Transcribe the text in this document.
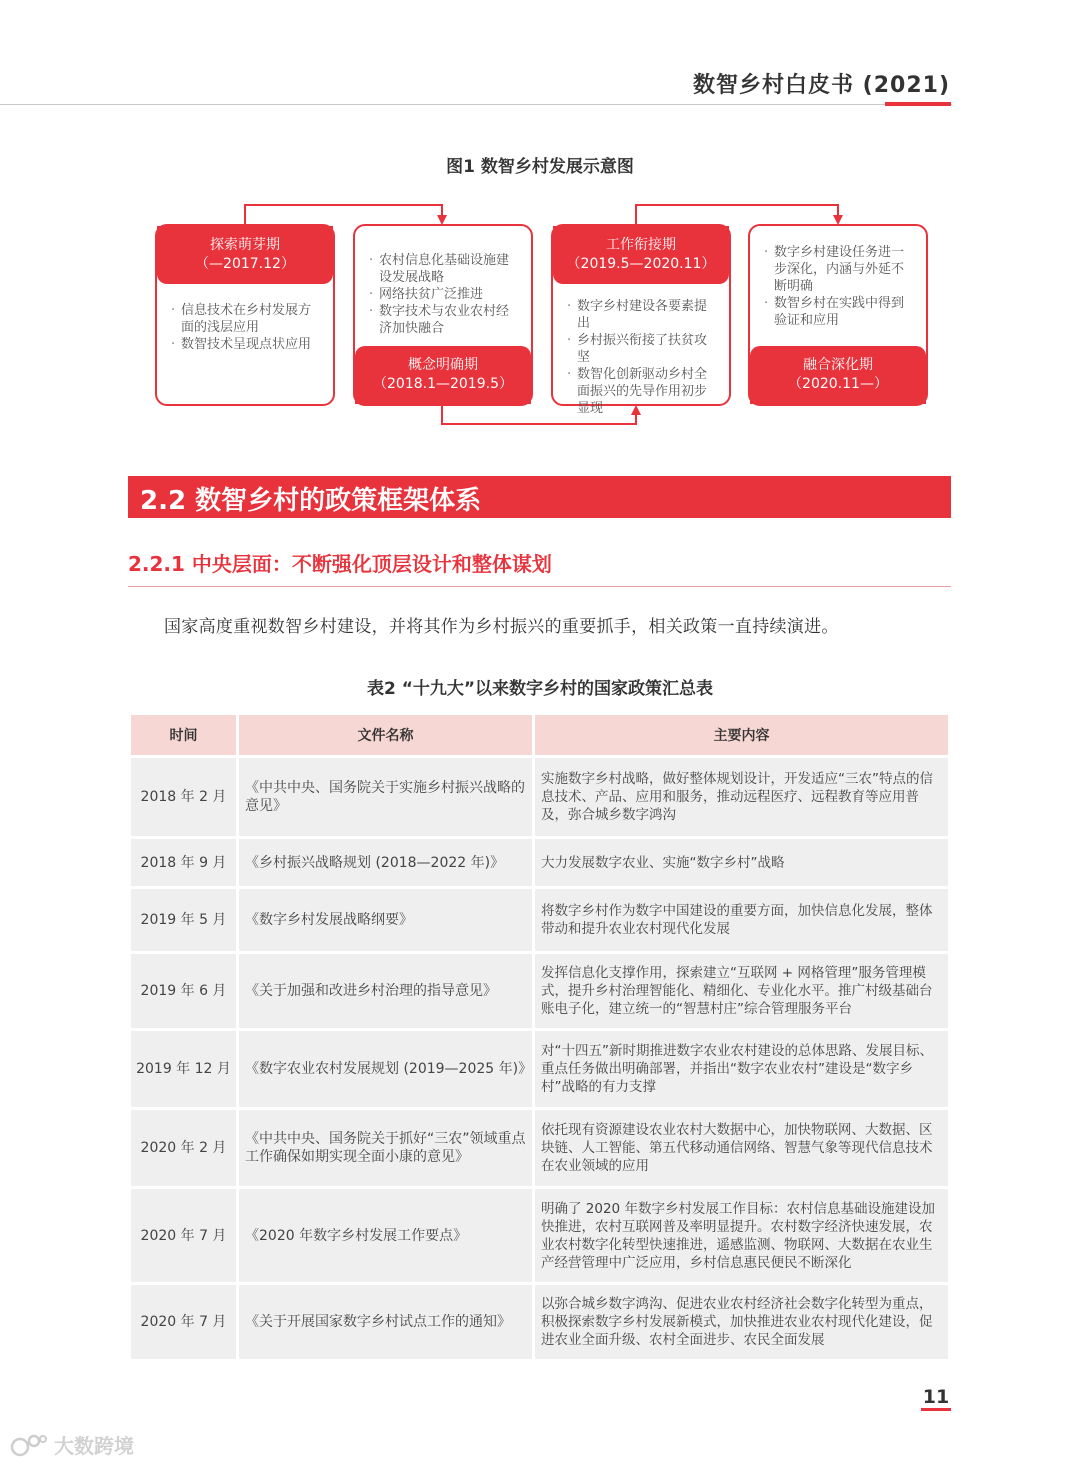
数智乡村白皮书 (2021)
图1 数智乡村发展示意图
探索萌芽期
（—2017.12）
· 信息技术在乡村发展方面的浅层应用
· 数智技术呈现点状应用
· 农村信息化基础设施建设发展战略
· 网络扶贫广泛推进
· 数字技术与农业农村经济加快融合
概念明确期
（2018.1—2019.5）
工作衔接期
（2019.5—2020.11）
· 数字乡村建设各要素提出
· 乡村振兴衔接了扶贫攻坚
· 数智化创新驱动乡村全面振兴的先导作用初步显现
· 数字乡村建设任务进一步深化，内涵与外延不断明确
· 数智乡村在实践中得到验证和应用
融合深化期
（2020.11—）
2.2 数智乡村的政策框架体系
2.2.1 中央层面：不断强化顶层设计和整体谋划
国家高度重视数智乡村建设，并将其作为乡村振兴的重要抓手，相关政策一直持续演进。
表2 “十九大”以来数字乡村的国家政策汇总表
时间	文件名称	主要内容
2018 年 2 月	《中共中央、国务院关于实施乡村振兴战略的意见》	实施数字乡村战略，做好整体规划设计，开发适应“三农”特点的信息技术、产品、应用和服务，推动远程医疗、远程教育等应用普及，弥合城乡数字鸿沟
2018 年 9 月	《乡村振兴战略规划 (2018—2022 年)》	大力发展数字农业、实施“数字乡村”战略
2019 年 5 月	《数字乡村发展战略纲要》	将数字乡村作为数字中国建设的重要方面，加快信息化发展，整体带动和提升农业农村现代化发展
2019 年 6 月	《关于加强和改进乡村治理的指导意见》	发挥信息化支撑作用，探索建立“互联网 + 网格管理”服务管理模式，提升乡村治理智能化、精细化、专业化水平。推广村级基础台账电子化，建立统一的“智慧村庄”综合管理服务平台
2019 年 12 月	《数字农业农村发展规划 (2019—2025 年)》	对“十四五”新时期推进数字农业农村建设的总体思路、发展目标、重点任务做出明确部署，并指出“数字农业农村”建设是“数字乡村”战略的有力支撑
2020 年 2 月	《中共中央、国务院关于抓好“三农”领域重点工作确保如期实现全面小康的意见》	依托现有资源建设农业农村大数据中心，加快物联网、大数据、区块链、人工智能、第五代移动通信网络、智慧气象等现代信息技术在农业领域的应用
2020 年 7 月	《2020 年数字乡村发展工作要点》	明确了 2020 年数字乡村发展工作目标：农村信息基础设施建设加快推进，农村互联网普及率明显提升。农村数字经济快速发展，农业农村数字化转型快速推进，遥感监测、物联网、大数据在农业生产经营管理中广泛应用，乡村信息惠民便民不断深化
2020 年 7 月	《关于开展国家数字乡村试点工作的通知》	以弥合城乡数字鸿沟、促进农业农村经济社会数字化转型为重点，积极探索数字乡村发展新模式，加快推进农业农村现代化建设，促进农业全面升级、农村全面进步、农民全面发展
11
大数跨境
